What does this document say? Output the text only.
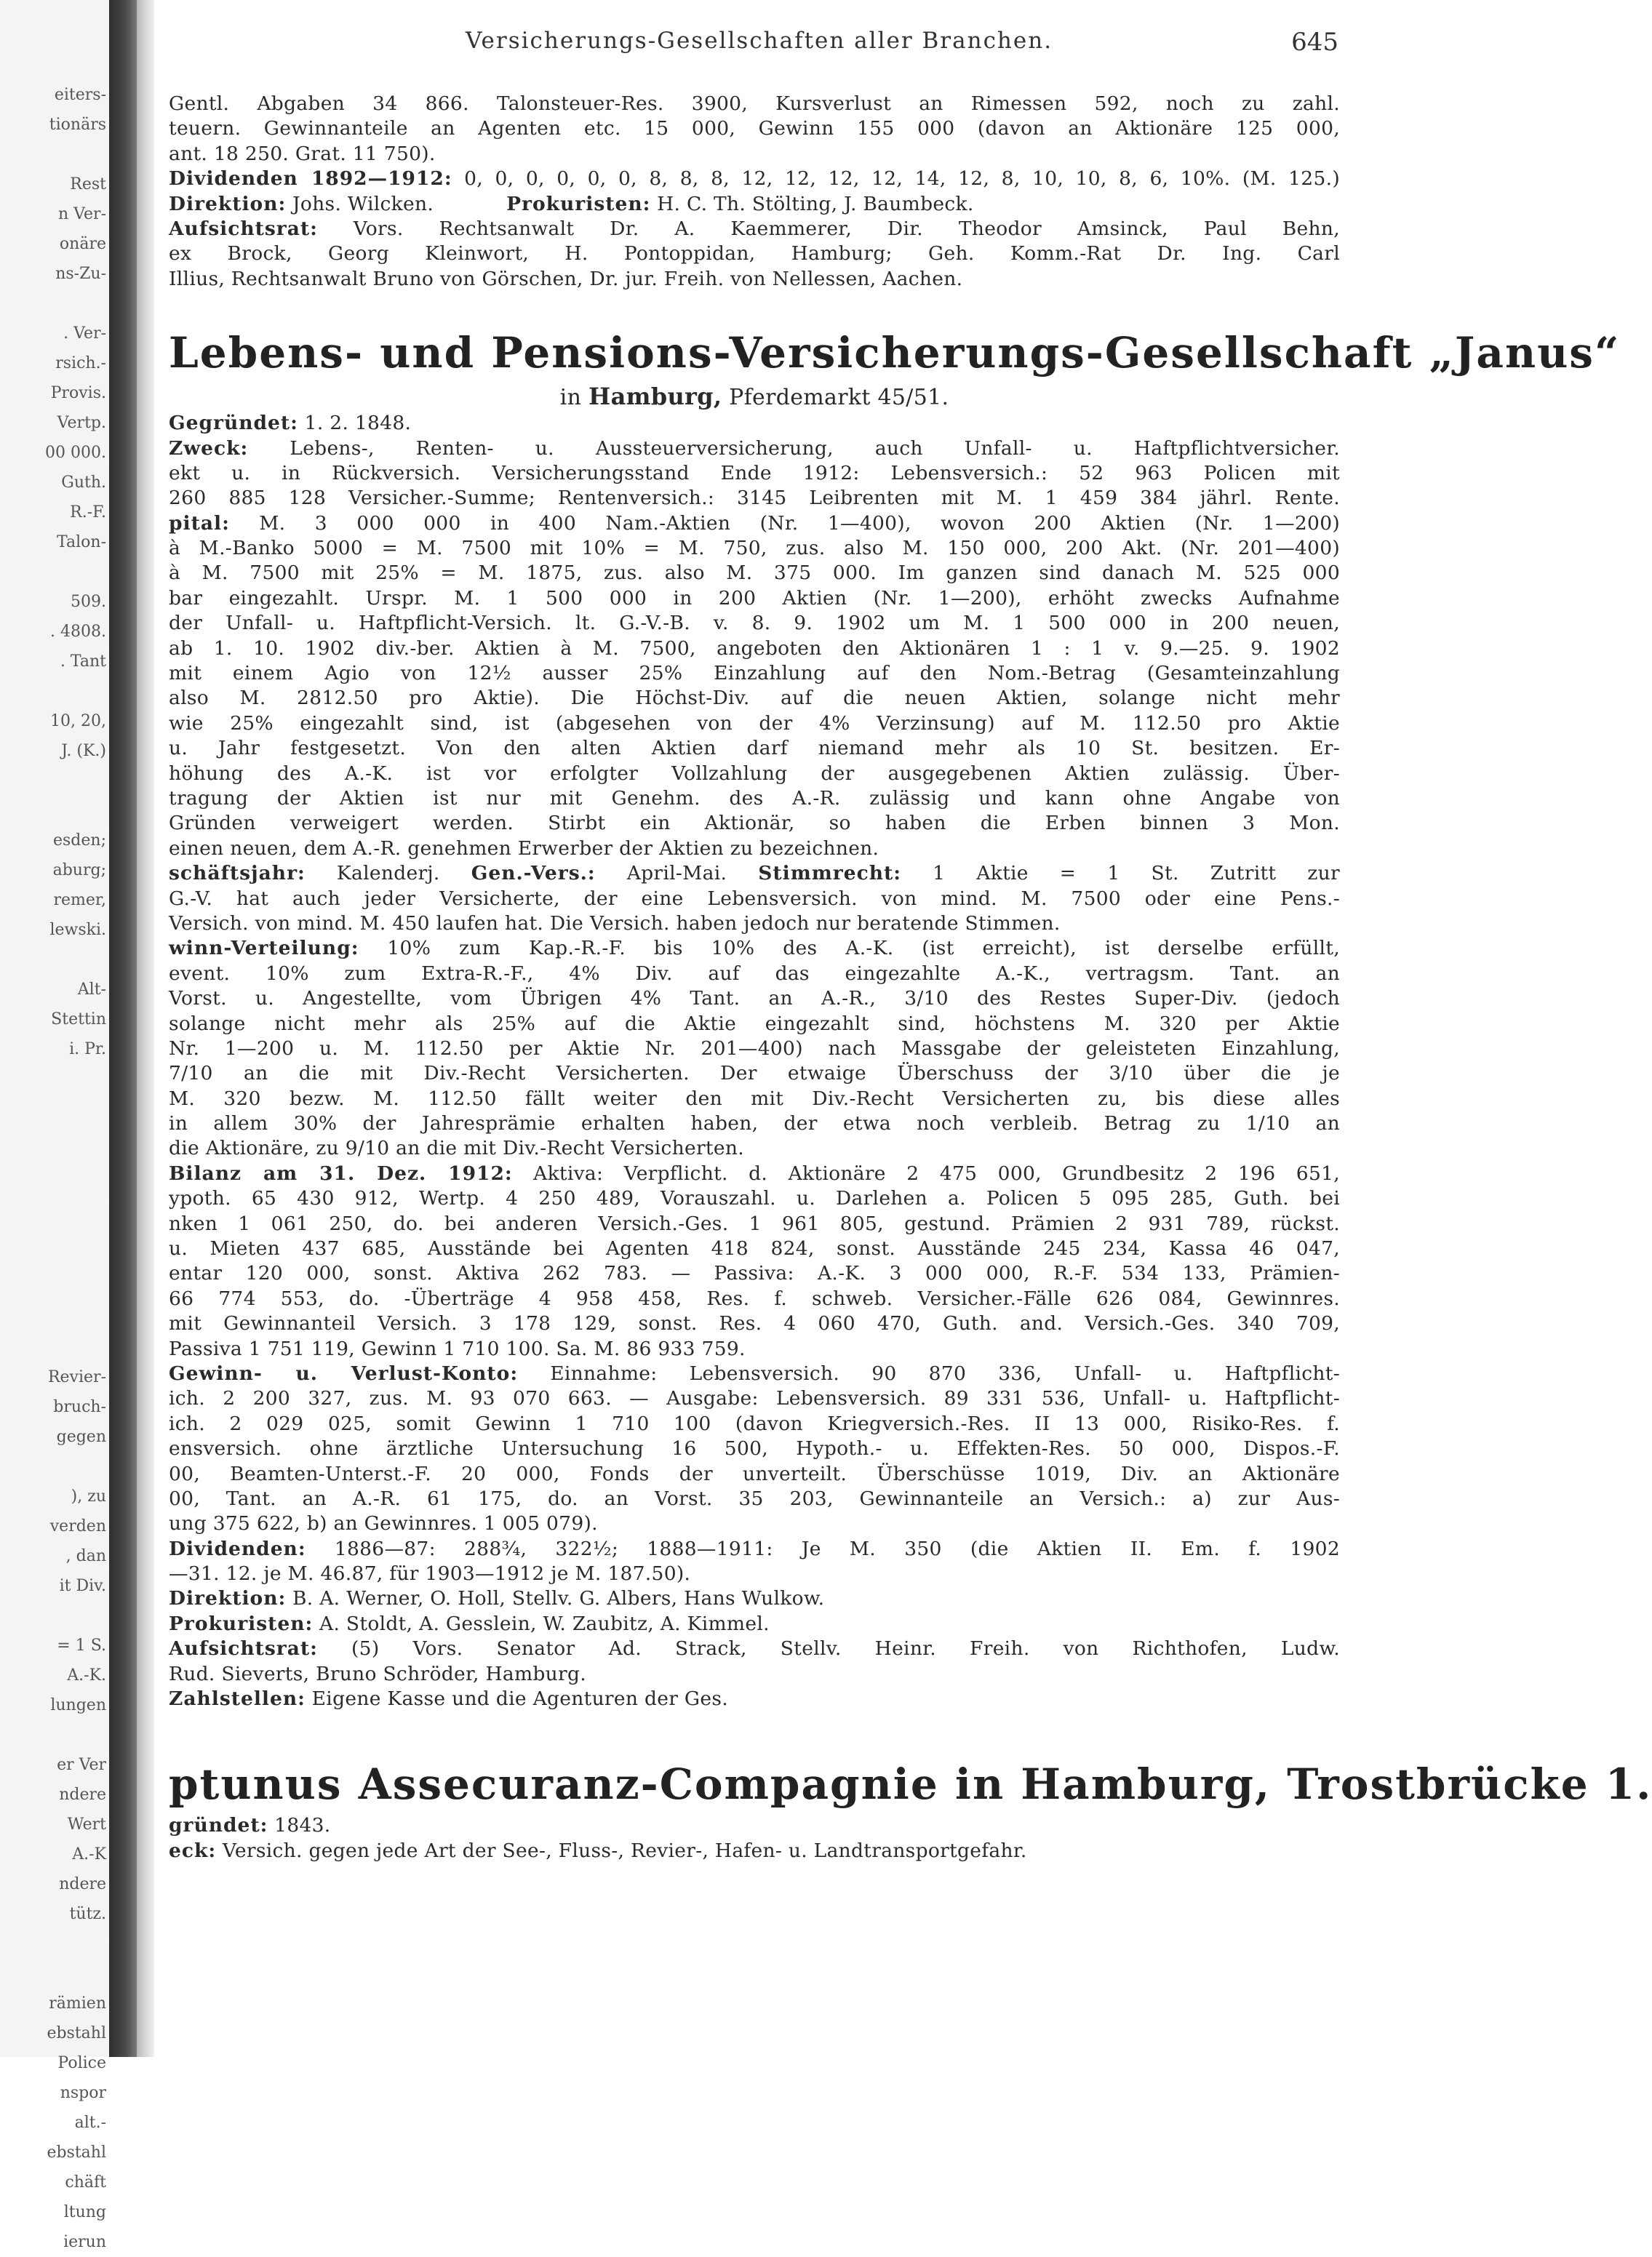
eiters-
tionärs
Rest
n Ver-
onäre
ns-Zu-
. Ver-
rsich.-
Provis.
Vertp.
00 000.
Guth.
R.-F.
Talon-
509.
. 4808.
. Tant
10, 20,
J. (K.)
esden;
aburg;
remer,
lewski.
Alt-
Stettin
i. Pr.
Revier-
bruch-
gegen
), zu
verden
, dan
it Div.
= 1 S.
A.-K.
lungen
er Ver
ndere
Wert
A.-K
ndere
tütz.
rämien
ebstahl
Police
nspor
alt.-
ebstahl
chäft
ltung
ierun
Versicherungs-Gesellschaften aller Branchen.	645
Gentl. Abgaben 34 866. Talonsteuer-Res. 3900, Kursverlust an Rimessen 592, noch zu zahl.
teuern. Gewinnanteile an Agenten etc. 15 000, Gewinn 155 000 (davon an Aktionäre 125 000,
ant. 18 250. Grat. 11 750).
Dividenden 1892—1912: 0, 0, 0, 0, 0, 0, 8, 8, 8, 12, 12, 12, 12, 14, 12, 8, 10, 10, 8, 6, 10%. (M. 125.)
Direktion: Johs. Wilcken.	Prokuristen: H. C. Th. Stölting, J. Baumbeck.
Aufsichtsrat: Vors. Rechtsanwalt Dr. A. Kaemmerer, Dir. Theodor Amsinck, Paul Behn,
ex Brock, Georg Kleinwort, H. Pontoppidan, Hamburg; Geh. Komm.-Rat Dr. Ing. Carl
Illius, Rechtsanwalt Bruno von Görschen, Dr. jur. Freih. von Nellessen, Aachen.
Lebens- und Pensions-Versicherungs-Gesellschaft „Janus“
in Hamburg, Pferdemarkt 45/51.
Gegründet: 1. 2. 1848.
Zweck: Lebens-, Renten- u. Aussteuerversicherung, auch Unfall- u. Haftpflichtversicher.
ekt u. in Rückversich. Versicherungsstand Ende 1912: Lebensversich.: 52 963 Policen mit
260 885 128 Versicher.-Summe; Rentenversich.: 3145 Leibrenten mit M. 1 459 384 jährl. Rente.
pital: M. 3 000 000 in 400 Nam.-Aktien (Nr. 1—400), wovon 200 Aktien (Nr. 1—200)
à M.-Banko 5000 = M. 7500 mit 10% = M. 750, zus. also M. 150 000, 200 Akt. (Nr. 201—400)
à M. 7500 mit 25% = M. 1875, zus. also M. 375 000. Im ganzen sind danach M. 525 000
bar eingezahlt. Urspr. M. 1 500 000 in 200 Aktien (Nr. 1—200), erhöht zwecks Aufnahme
der Unfall- u. Haftpflicht-Versich. lt. G.-V.-B. v. 8. 9. 1902 um M. 1 500 000 in 200 neuen,
ab 1. 10. 1902 div.-ber. Aktien à M. 7500, angeboten den Aktionären 1 : 1 v. 9.—25. 9. 1902
mit einem Agio von 12½ ausser 25% Einzahlung auf den Nom.-Betrag (Gesamteinzahlung
also M. 2812.50 pro Aktie). Die Höchst-Div. auf die neuen Aktien, solange nicht mehr
wie 25% eingezahlt sind, ist (abgesehen von der 4% Verzinsung) auf M. 112.50 pro Aktie
u. Jahr festgesetzt. Von den alten Aktien darf niemand mehr als 10 St. besitzen. Er-
höhung des A.-K. ist vor erfolgter Vollzahlung der ausgegebenen Aktien zulässig. Über-
tragung der Aktien ist nur mit Genehm. des A.-R. zulässig und kann ohne Angabe von
Gründen verweigert werden. Stirbt ein Aktionär, so haben die Erben binnen 3 Mon.
einen neuen, dem A.-R. genehmen Erwerber der Aktien zu bezeichnen.
schäftsjahr: Kalenderj. Gen.-Vers.: April-Mai. Stimmrecht: 1 Aktie = 1 St. Zutritt zur
G.-V. hat auch jeder Versicherte, der eine Lebensversich. von mind. M. 7500 oder eine Pens.-
Versich. von mind. M. 450 laufen hat. Die Versich. haben jedoch nur beratende Stimmen.
winn-Verteilung: 10% zum Kap.-R.-F. bis 10% des A.-K. (ist erreicht), ist derselbe erfüllt,
event. 10% zum Extra-R.-F., 4% Div. auf das eingezahlte A.-K., vertragsm. Tant. an
Vorst. u. Angestellte, vom Übrigen 4% Tant. an A.-R., 3/10 des Restes Super-Div. (jedoch
solange nicht mehr als 25% auf die Aktie eingezahlt sind, höchstens M. 320 per Aktie
Nr. 1—200 u. M. 112.50 per Aktie Nr. 201—400) nach Massgabe der geleisteten Einzahlung,
7/10 an die mit Div.-Recht Versicherten. Der etwaige Überschuss der 3/10 über die je
M. 320 bezw. M. 112.50 fällt weiter den mit Div.-Recht Versicherten zu, bis diese alles
in allem 30% der Jahresprämie erhalten haben, der etwa noch verbleib. Betrag zu 1/10 an
die Aktionäre, zu 9/10 an die mit Div.-Recht Versicherten.
Bilanz am 31. Dez. 1912: Aktiva: Verpflicht. d. Aktionäre 2 475 000, Grundbesitz 2 196 651,
ypoth. 65 430 912, Wertp. 4 250 489, Vorauszahl. u. Darlehen a. Policen 5 095 285, Guth. bei
nken 1 061 250, do. bei anderen Versich.-Ges. 1 961 805, gestund. Prämien 2 931 789, rückst.
u. Mieten 437 685, Ausstände bei Agenten 418 824, sonst. Ausstände 245 234, Kassa 46 047,
entar 120 000, sonst. Aktiva 262 783. — Passiva: A.-K. 3 000 000, R.-F. 534 133, Prämien-
66 774 553, do. -Überträge 4 958 458, Res. f. schweb. Versicher.-Fälle 626 084, Gewinnres.
mit Gewinnanteil Versich. 3 178 129, sonst. Res. 4 060 470, Guth. and. Versich.-Ges. 340 709,
Passiva 1 751 119, Gewinn 1 710 100. Sa. M. 86 933 759.
Gewinn- u. Verlust-Konto: Einnahme: Lebensversich. 90 870 336, Unfall- u. Haftpflicht-
ich. 2 200 327, zus. M. 93 070 663. — Ausgabe: Lebensversich. 89 331 536, Unfall- u. Haftpflicht-
ich. 2 029 025, somit Gewinn 1 710 100 (davon Kriegversich.-Res. II 13 000, Risiko-Res. f.
ensversich. ohne ärztliche Untersuchung 16 500, Hypoth.- u. Effekten-Res. 50 000, Dispos.-F.
00, Beamten-Unterst.-F. 20 000, Fonds der unverteilt. Überschüsse 1019, Div. an Aktionäre
00, Tant. an A.-R. 61 175, do. an Vorst. 35 203, Gewinnanteile an Versich.: a) zur Aus-
ung 375 622, b) an Gewinnres. 1 005 079).
Dividenden: 1886—87: 288¾, 322½; 1888—1911: Je M. 350 (die Aktien II. Em. f. 1902
—31. 12. je M. 46.87, für 1903—1912 je M. 187.50).
Direktion: B. A. Werner, O. Holl, Stellv. G. Albers, Hans Wulkow.
Prokuristen: A. Stoldt, A. Gesslein, W. Zaubitz, A. Kimmel.
Aufsichtsrat: (5) Vors. Senator Ad. Strack, Stellv. Heinr. Freih. von Richthofen, Ludw.
Rud. Sieverts, Bruno Schröder, Hamburg.
Zahlstellen: Eigene Kasse und die Agenturen der Ges.
ptunus Assecuranz-Compagnie in Hamburg, Trostbrücke 1.
gründet: 1843.
eck: Versich. gegen jede Art der See-, Fluss-, Revier-, Hafen- u. Landtransportgefahr.
